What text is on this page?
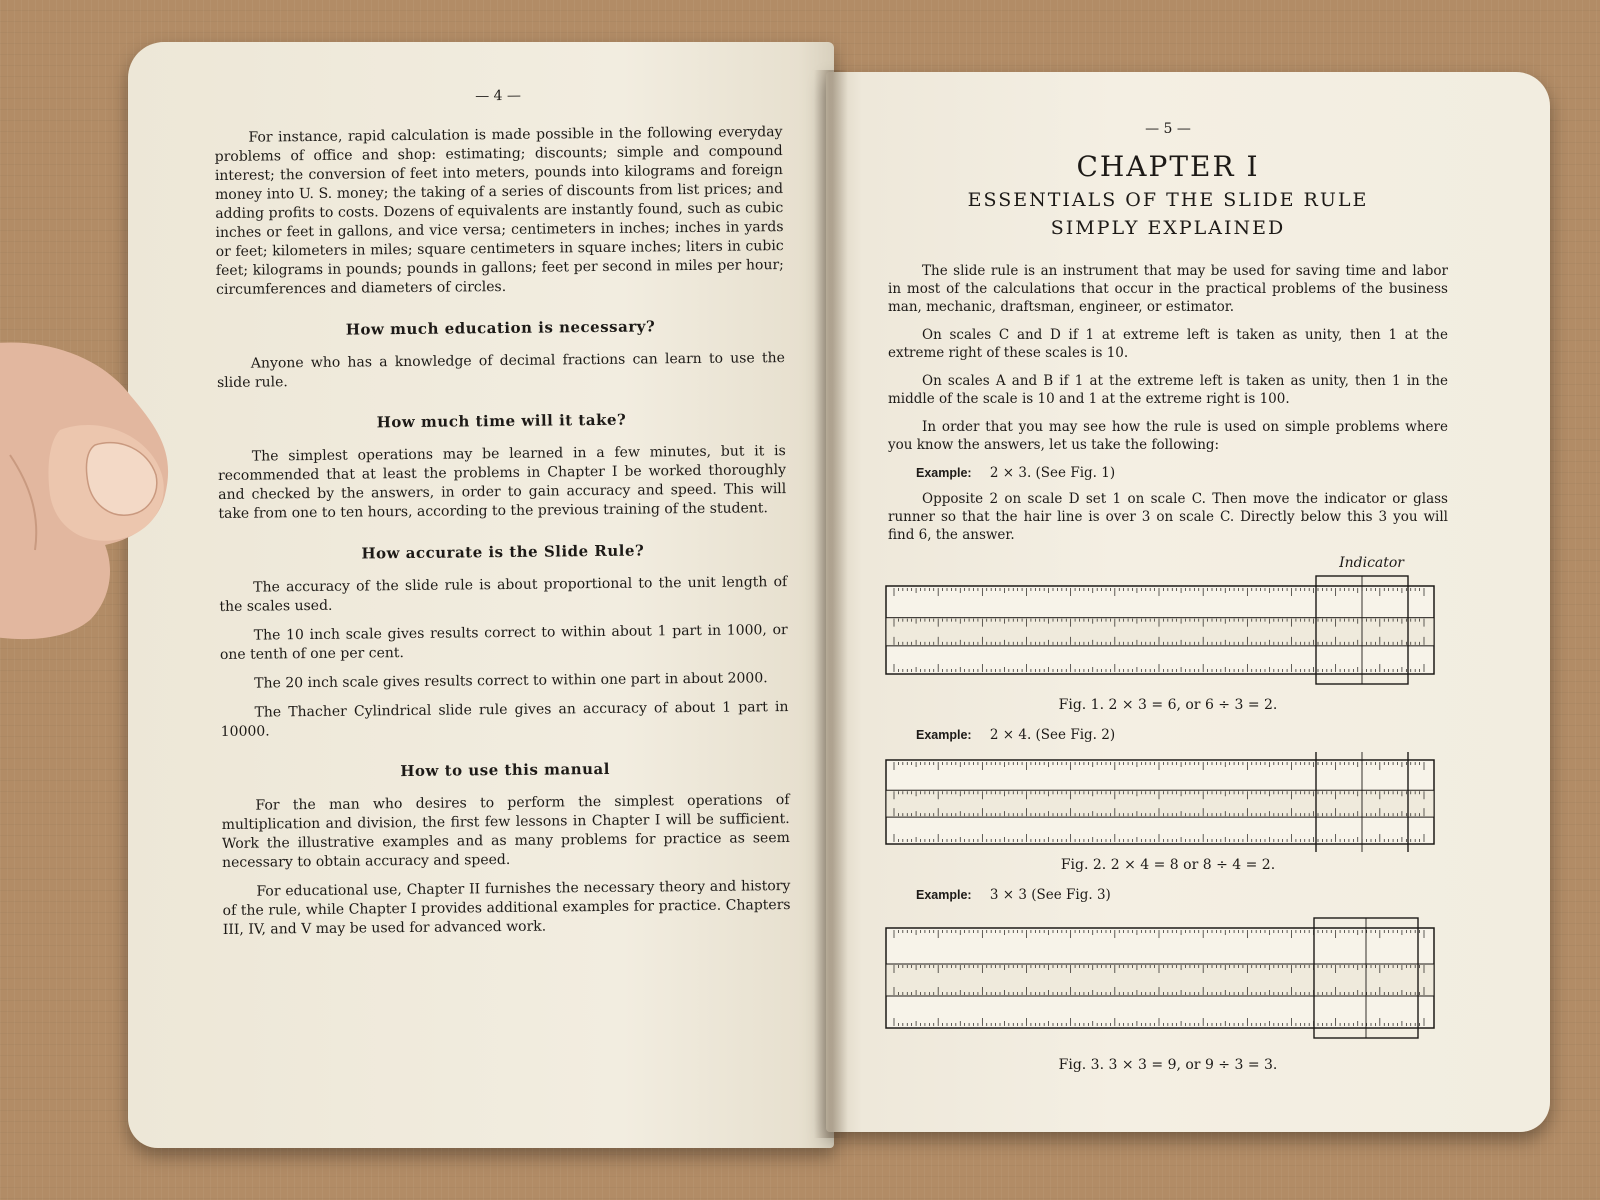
— 4 —

For instance, rapid calculation is made possible in the following everyday problems of office and shop: estimating; discounts; simple and compound interest; the conversion of feet into meters, pounds into kilograms and foreign money into U. S. money; the taking of a series of discounts from list prices; and adding profits to costs. Dozens of equivalents are instantly found, such as cubic inches or feet in gallons, and vice versa; centimeters in inches; inches in yards or feet; kilometers in miles; square centimeters in square inches; liters in cubic feet; kilograms in pounds; pounds in gallons; feet per second in miles per hour; circumferences and diameters of circles.

How much education is necessary?

Anyone who has a knowledge of decimal fractions can learn to use the slide rule.

How much time will it take?

The simplest operations may be learned in a few minutes, but it is recommended that at least the problems in Chapter I be worked thoroughly and checked by the answers, in order to gain accuracy and speed. This will take from one to ten hours, according to the previous training of the student.

How accurate is the Slide Rule?

The accuracy of the slide rule is about proportional to the unit length of the scales used.

The 10 inch scale gives results correct to within about 1 part in 1000, or one tenth of one per cent.

The 20 inch scale gives results correct to within one part in about 2000.

The Thacher Cylindrical slide rule gives an accuracy of about 1 part in 10000.

How to use this manual

For the man who desires to perform the simplest operations of multiplication and division, the first few lessons in Chapter I will be sufficient. Work the illustrative examples and as many problems for practice as seem necessary to obtain accuracy and speed.

For educational use, Chapter II furnishes the necessary theory and history of the rule, while Chapter I provides additional examples for practice. Chapters III, IV, and V may be used for advanced work.

— 5 —
CHAPTER I
ESSENTIALS OF THE SLIDE RULE
SIMPLY EXPLAINED

The slide rule is an instrument that may be used for saving time and labor in most of the calculations that occur in the practical problems of the business man, mechanic, draftsman, engineer, or estimator.

On scales C and D if 1 at extreme left is taken as unity, then 1 at the extreme right of these scales is 10.

On scales A and B if 1 at the extreme left is taken as unity, then 1 in the middle of the scale is 10 and 1 at the extreme right is 100.

In order that you may see how the rule is used on simple problems where you know the answers, let us take the following:

Example: 2 × 3. (See Fig. 1)

Opposite 2 on scale D set 1 on scale C. Then move the indicator or glass runner so that the hair line is over 3 on scale C. Directly below this 3 you will find 6, the answer.

Indicator
Fig. 1. 2 × 3 = 6, or 6 ÷ 3 = 2.
Example: 2 × 4. (See Fig. 2)
Fig. 2. 2 × 4 = 8 or 8 ÷ 4 = 2.
Example: 3 × 3 (See Fig. 3)
Fig. 3. 3 × 3 = 9, or 9 ÷ 3 = 3.
